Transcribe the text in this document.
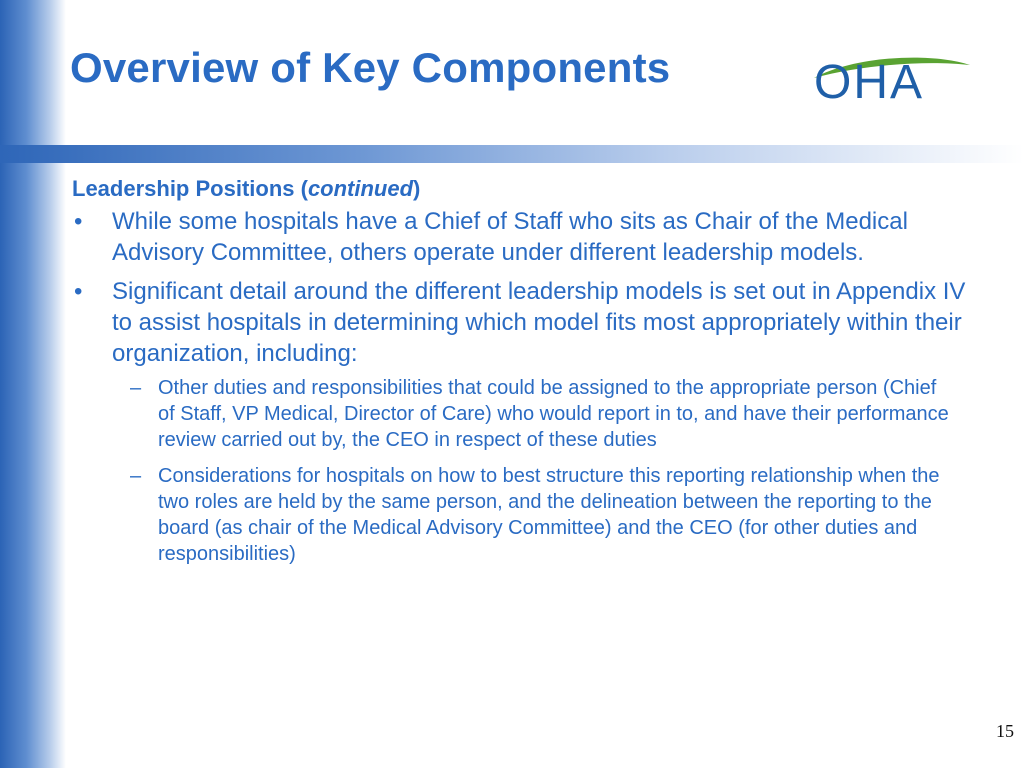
Overview of Key Components	OHA
Leadership Positions (continued)
• While some hospitals have a Chief of Staff who sits as Chair of the Medical Advisory Committee, others operate under different leadership models.
• Significant detail around the different leadership models is set out in Appendix IV to assist hospitals in determining which model fits most appropriately within their organization, including:
– Other duties and responsibilities that could be assigned to the appropriate person (Chief of Staff, VP Medical, Director of Care) who would report in to, and have their performance review carried out by, the CEO in respect of these duties
– Considerations for hospitals on how to best structure this reporting relationship when the two roles are held by the same person, and the delineation between the reporting to the board (as chair of the Medical Advisory Committee) and the CEO (for other duties and responsibilities)
15
